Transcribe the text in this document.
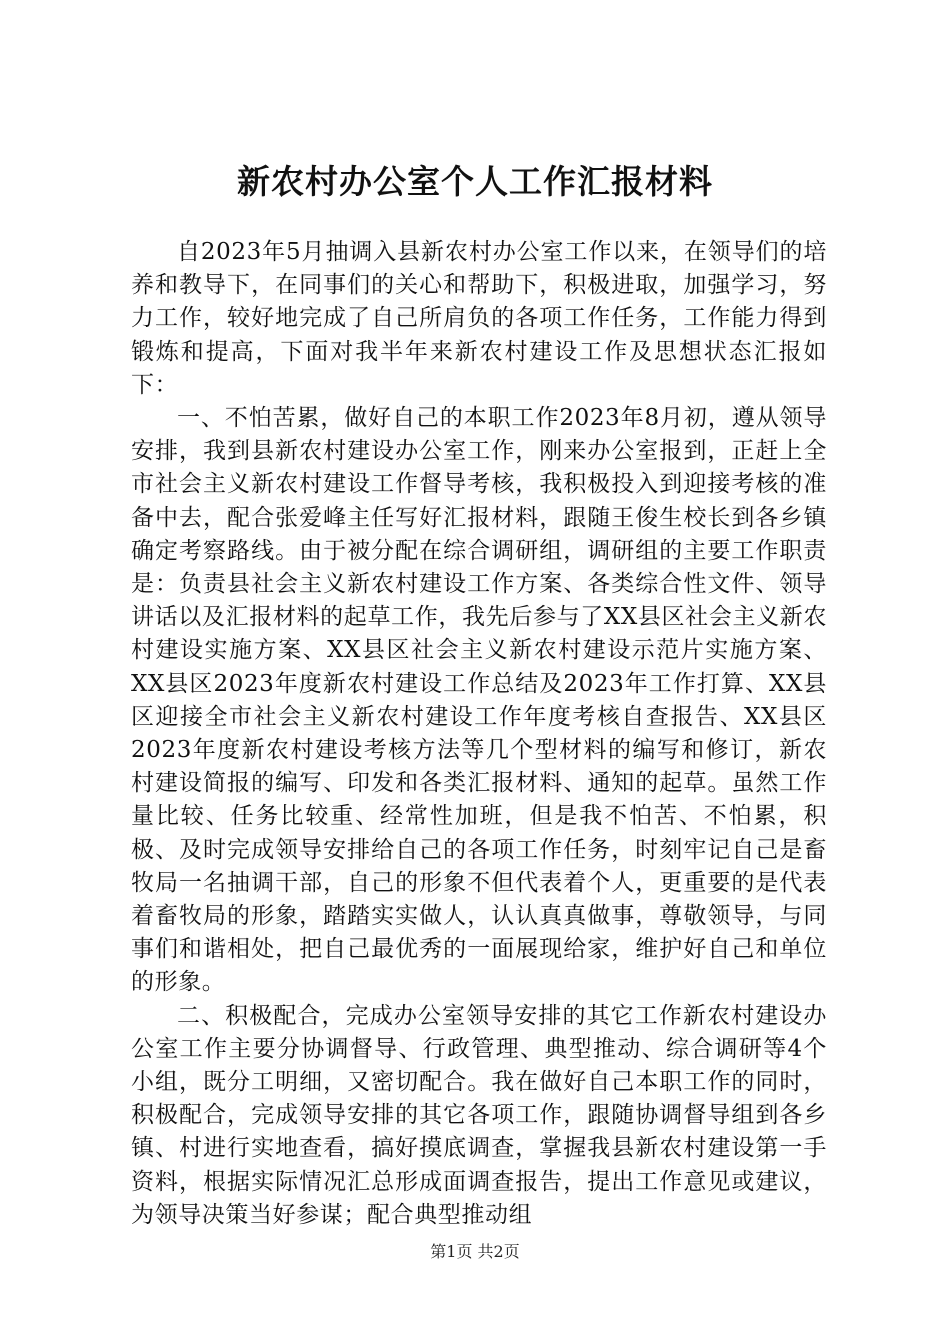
新农村办公室个人工作汇报材料

自2023年5月抽调入县新农村办公室工作以来，在领导们的培养和教导下，在同事们的关心和帮助下，积极进取，加强学习，努力工作，较好地完成了自己所肩负的各项工作任务，工作能力得到锻炼和提高，下面对我半年来新农村建设工作及思想状态汇报如下：

一、不怕苦累，做好自己的本职工作2023年8月初，遵从领导安排，我到县新农村建设办公室工作，刚来办公室报到，正赶上全市社会主义新农村建设工作督导考核，我积极投入到迎接考核的准备中去，配合张爱峰主任写好汇报材料，跟随王俊生校长到各乡镇确定考察路线。由于被分配在综合调研组，调研组的主要工作职责是：负责县社会主义新农村建设工作方案、各类综合性文件、领导讲话以及汇报材料的起草工作，我先后参与了XX县区社会主义新农村建设实施方案、XX县区社会主义新农村建设示范片实施方案、XX县区2023年度新农村建设工作总结及2023年工作打算、XX县区迎接全市社会主义新农村建设工作年度考核自查报告、XX县区2023年度新农村建设考核方法等几个型材料的编写和修订，新农村建设简报的编写、印发和各类汇报材料、通知的起草。虽然工作量比较、任务比较重、经常性加班，但是我不怕苦、不怕累，积极、及时完成领导安排给自己的各项工作任务，时刻牢记自己是畜牧局一名抽调干部，自己的形象不但代表着个人，更重要的是代表着畜牧局的形象，踏踏实实做人，认认真真做事，尊敬领导，与同事们和谐相处，把自己最优秀的一面展现给家，维护好自己和单位的形象。

二、积极配合，完成办公室领导安排的其它工作新农村建设办公室工作主要分协调督导、行政管理、典型推动、综合调研等4个小组，既分工明细，又密切配合。我在做好自己本职工作的同时，积极配合，完成领导安排的其它各项工作，跟随协调督导组到各乡镇、村进行实地查看，搞好摸底调查，掌握我县新农村建设第一手资料，根据实际情况汇总形成面调查报告，提出工作意见或建议，为领导决策当好参谋；配合典型推动组

第1页 共2页
